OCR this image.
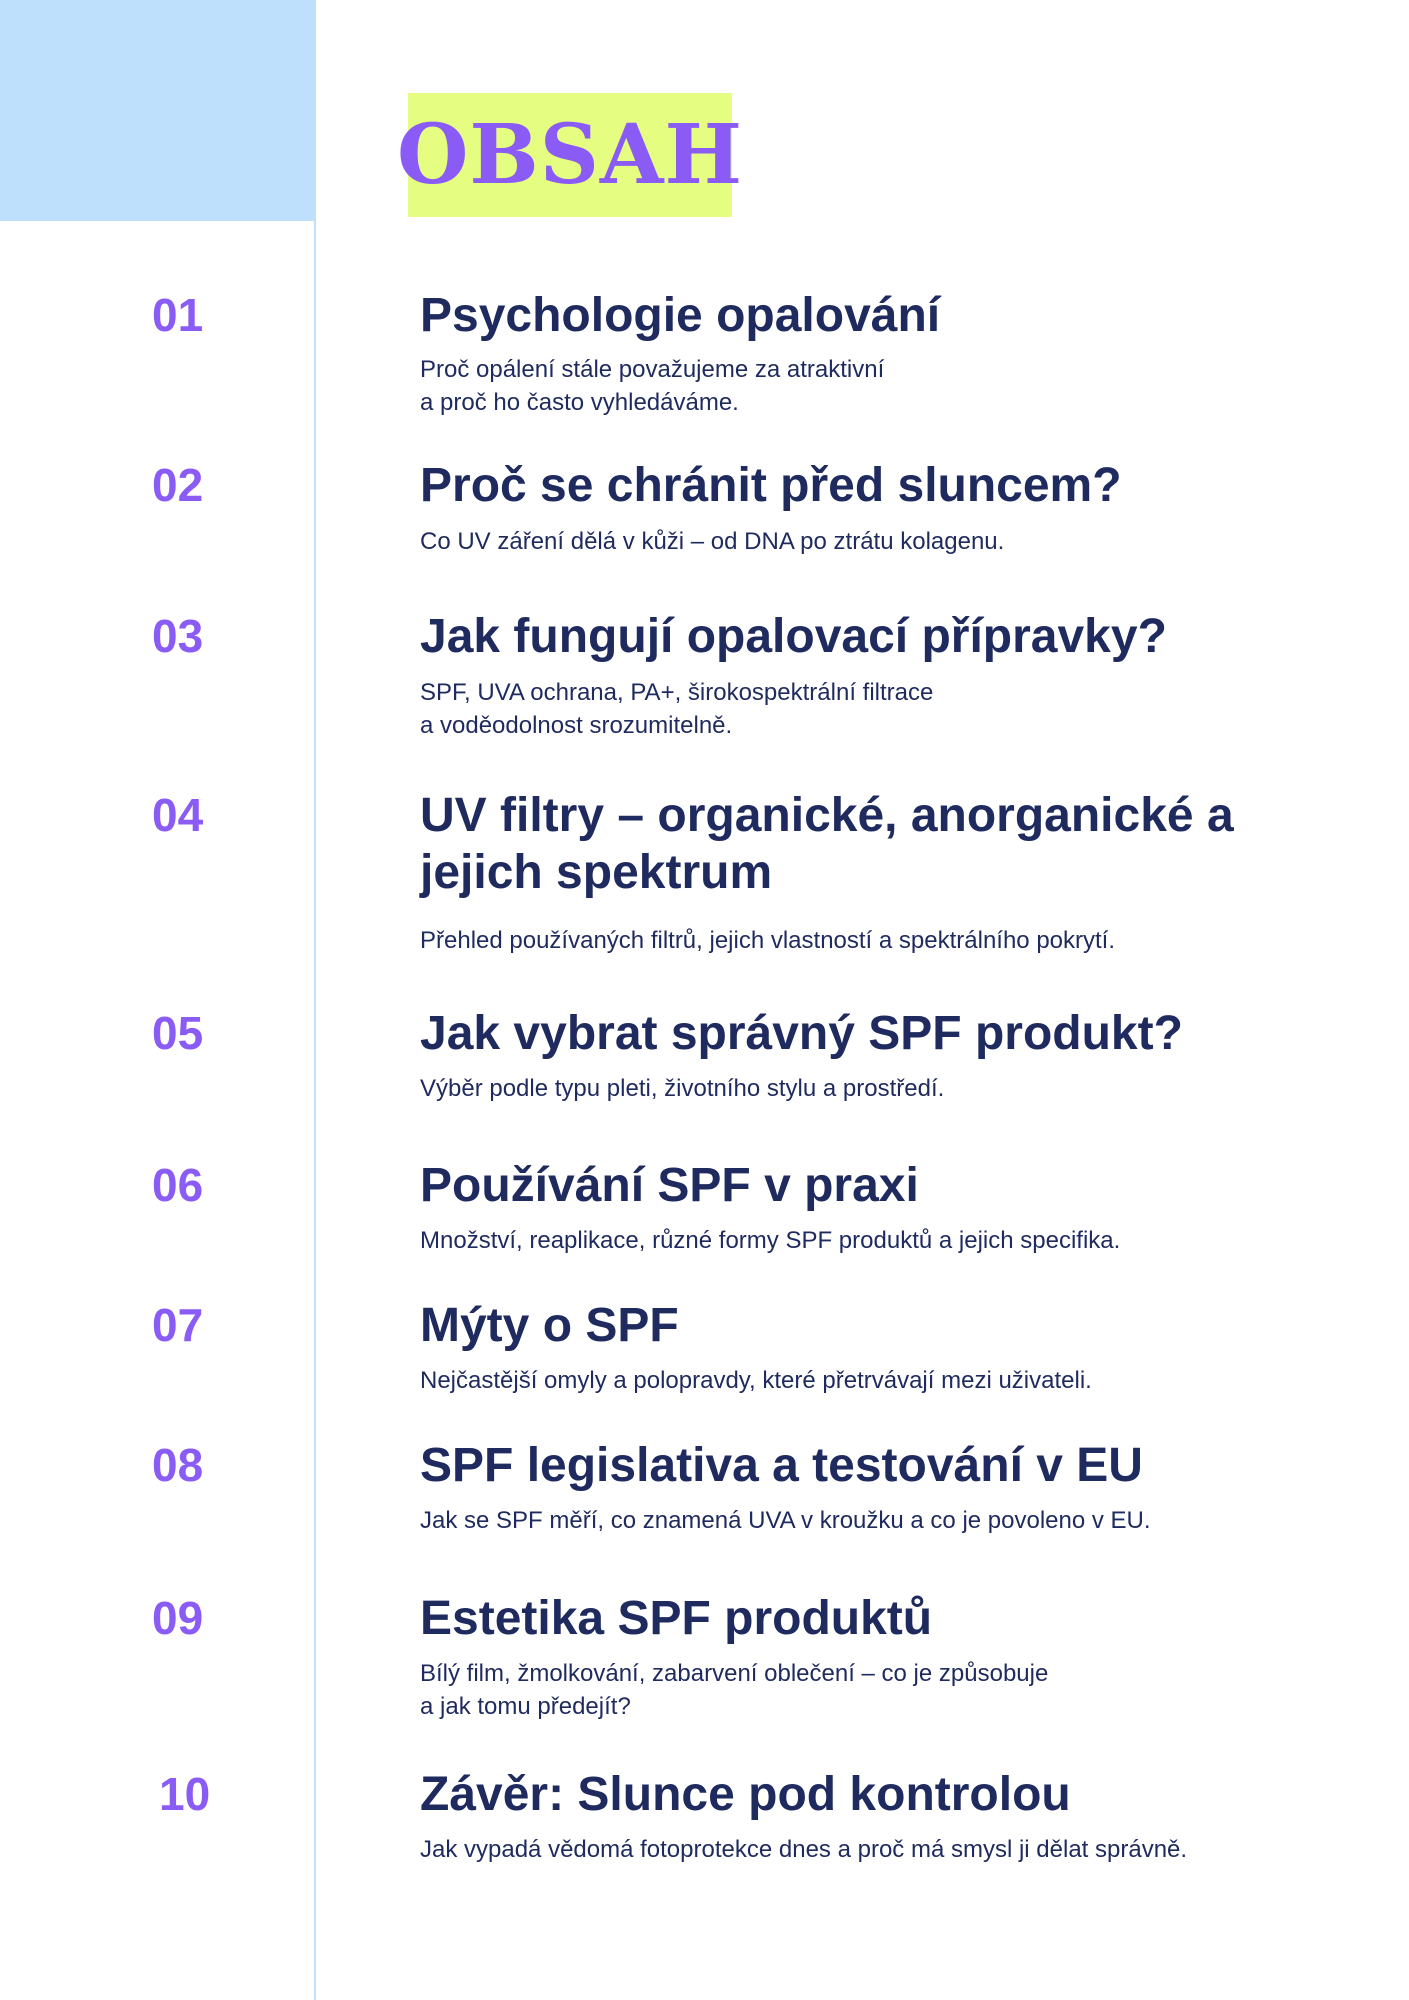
OBSAH
01	Psychologie opalování

Proč opálení stále považujeme za atraktivní
a proč ho často vyhledáváme.

02	Proč se chránit před sluncem?

Co UV záření dělá v kůži – od DNA po ztrátu kolagenu.

03	Jak fungují opalovací přípravky?

SPF, UVA ochrana, PA+, širokospektrální filtrace
a voděodolnost srozumitelně.

04	UV filtry – organické, anorganické a jejich spektrum

Přehled používaných filtrů, jejich vlastností a spektrálního pokrytí.

05	Jak vybrat správný SPF produkt?

Výběr podle typu pleti, životního stylu a prostředí.

06	Používání SPF v praxi

Množství, reaplikace, různé formy SPF produktů a jejich specifika.

07	Mýty o SPF

Nejčastější omyly a polopravdy, které přetrvávají mezi uživateli.

08	SPF legislativa a testování v EU

Jak se SPF měří, co znamená UVA v kroužku a co je povoleno v EU.

09	Estetika SPF produktů

Bílý film, žmolkování, zabarvení oblečení – co je způsobuje
a jak tomu předejít?

10	Závěr: Slunce pod kontrolou

Jak vypadá vědomá fotoprotekce dnes a proč má smysl ji dělat správně.
